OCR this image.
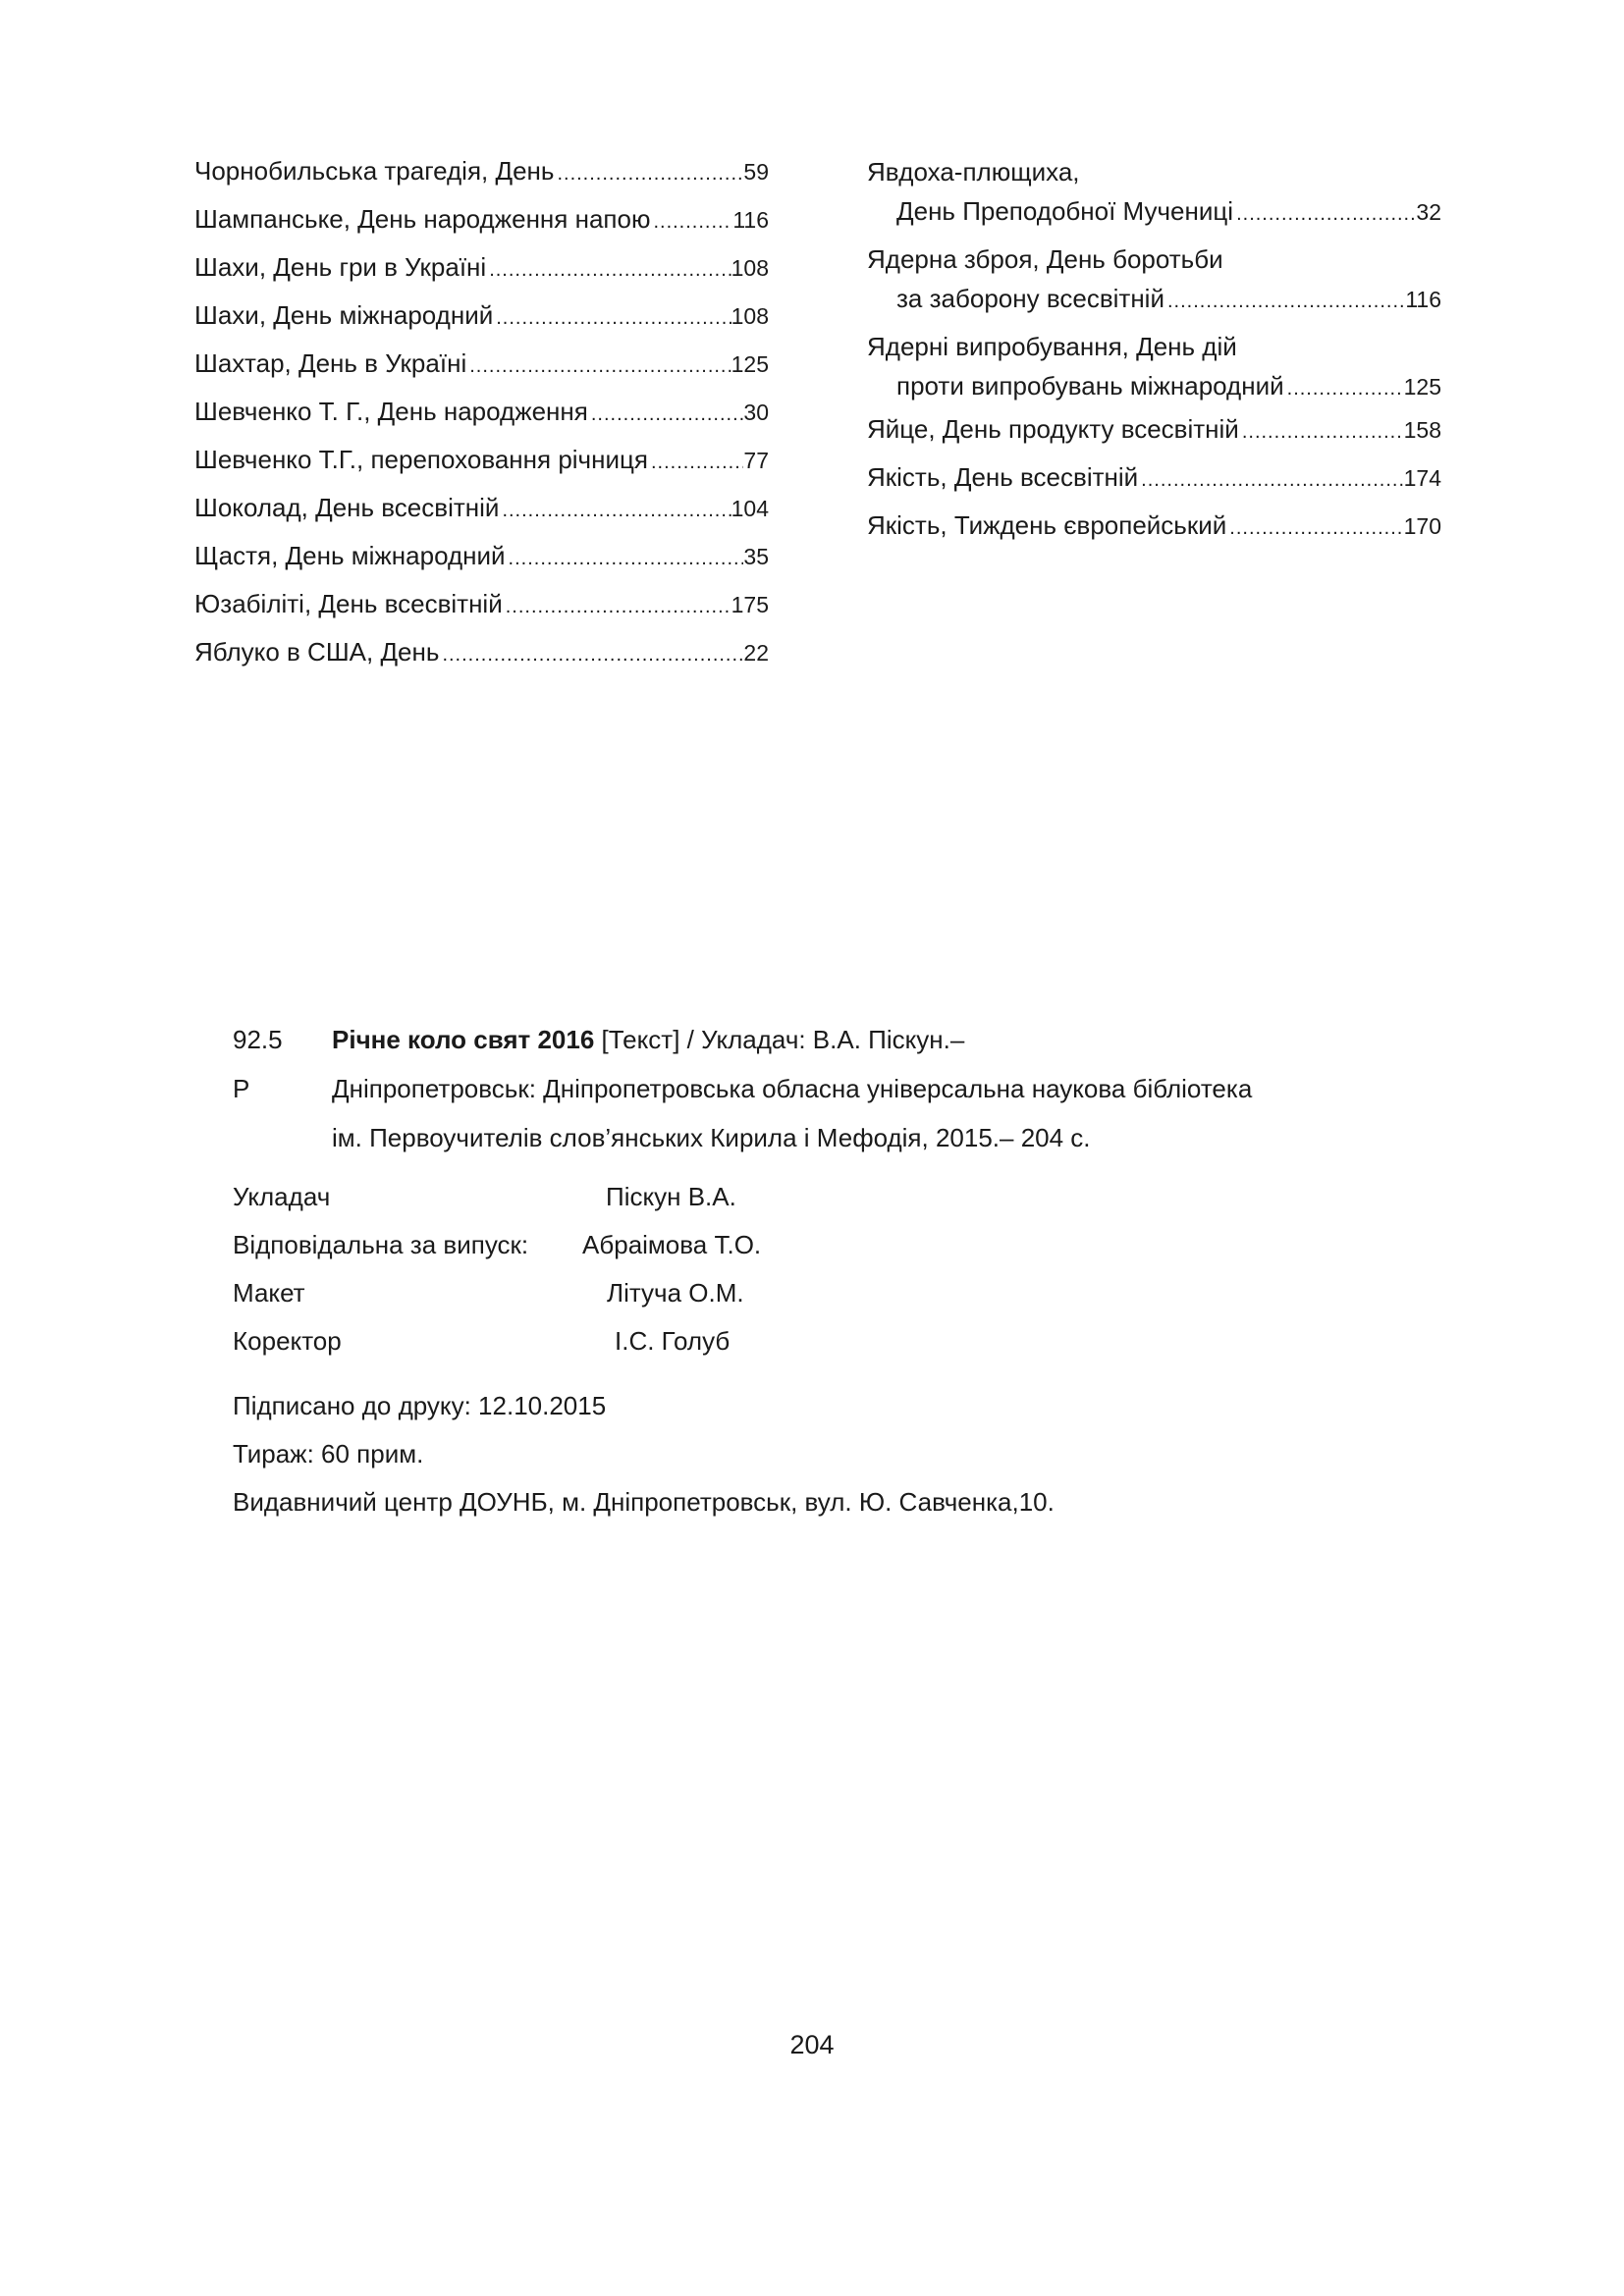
Чорнобильська трагедія, День .....	59
Шампанське, День народження напою .....	116
Шахи, День гри в Україні .....	108
Шахи, День міжнародний .....	108
Шахтар, День в Україні .....	125
Шевченко Т. Г., День народження .....	30
Шевченко Т.Г., перепоховання річниця .....	77
Шоколад, День всесвітній .....	104
Щастя, День міжнародний .....	35
Юзабіліті, День всесвітній .....	175
Яблуко в США, День .....	22
Явдоха-плющиха,
День Преподобної Мучениці .....	32
Ядерна зброя, День боротьби
за заборону всесвітній .....	116
Ядерні випробування, День дій
проти випробувань міжнародний .....	125
Яйце, День продукту всесвітній .....	158
Якість, День всесвітній .....	174
Якість, Тиждень європейський .....	170
92.5	Річне коло свят 2016 [Текст] / Укладач: В.А. Піскун.–
Р	Дніпропетровськ: Дніпропетровська обласна універсальна наукова бібліотека
ім. Первоучителів слов’янських Кирила і Мефодія, 2015.– 204 с.
Укладач	Піскун В.А.
Відповідальна за випуск: Абраімова Т.О.
Макет	Літуча О.М.
Коректор	І.С. Голуб
Підписано до друку: 12.10.2015
Тираж: 60 прим.
Видавничий центр ДОУНБ, м. Дніпропетровськ, вул. Ю. Савченка,10.
204
